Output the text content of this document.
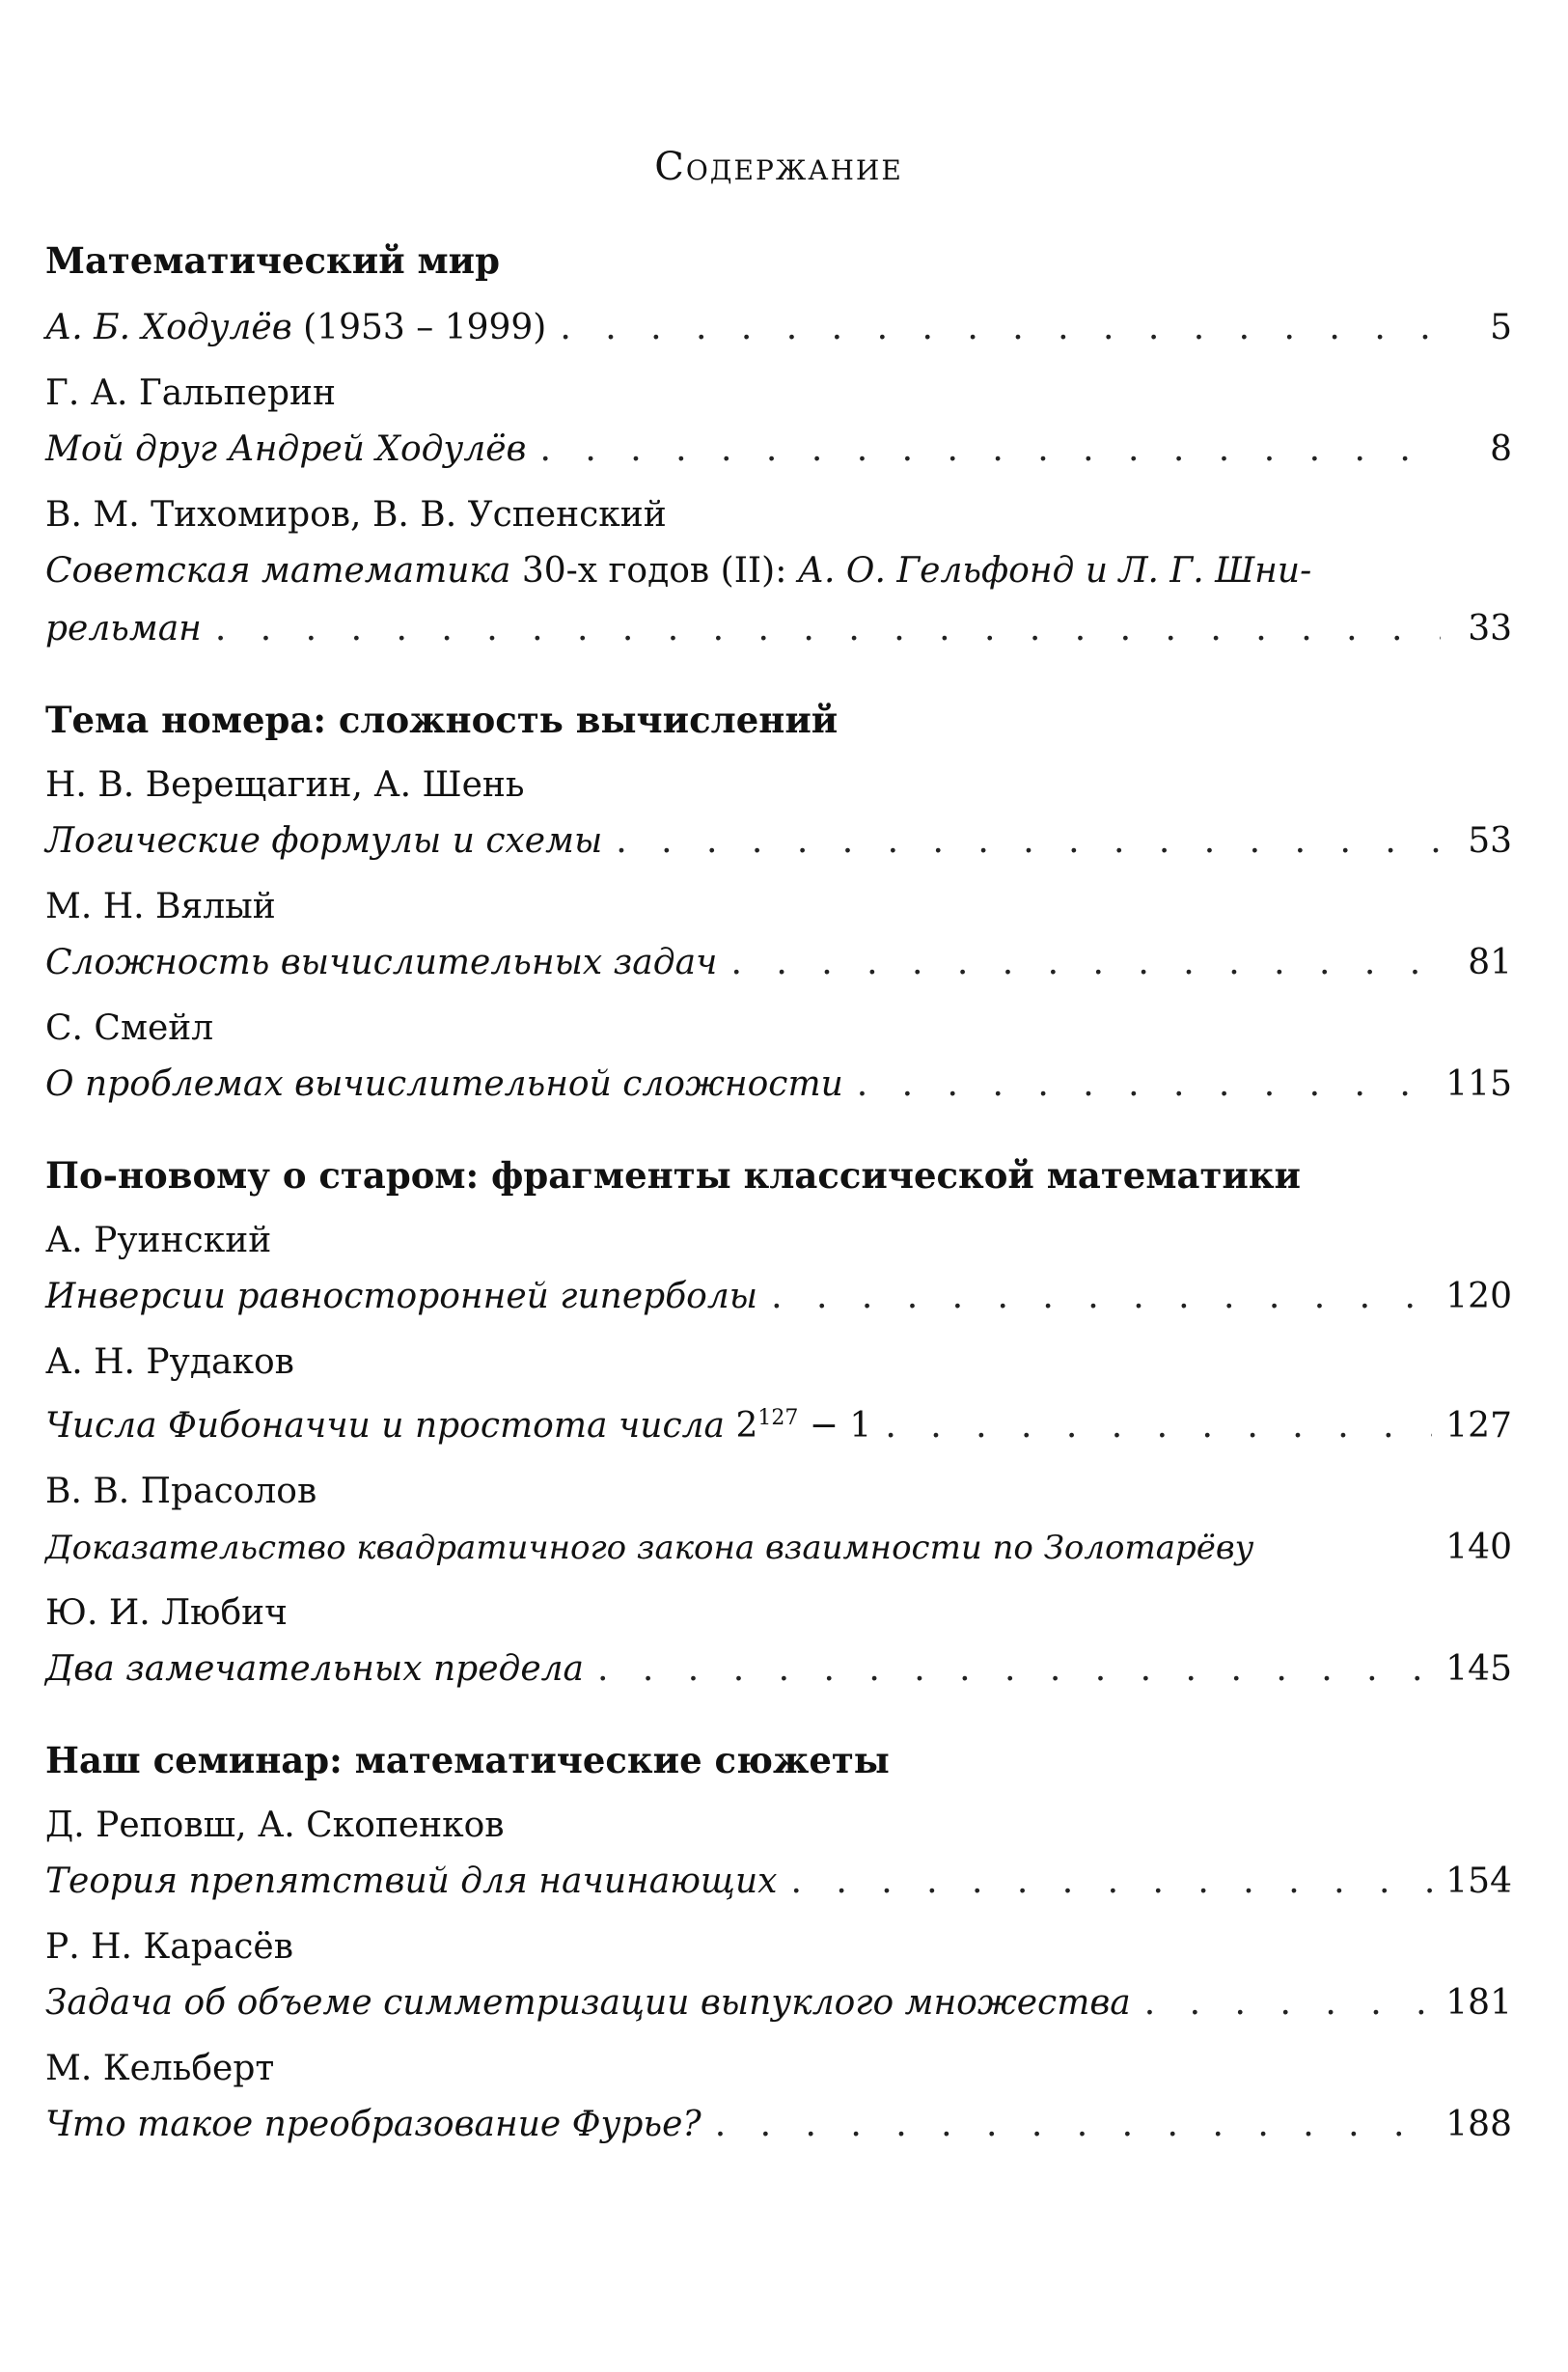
Содержание
Математический мир
А. Б. Ходулёв (1953 – 1999) . . .	5
Г. А. Гальперин
Мой друг Андрей Ходулёв . . .	8
В. М. Тихомиров, В. В. Успенский
Советская математика 30-х годов (II): А. О. Гельфонд и Л. Г. Шни-
рельман . . .	33
Тема номера: сложность вычислений
Н. В. Верещагин, А. Шень
Логические формулы и схемы . . .	53
М. Н. Вялый
Сложность вычислительных задач . . .	81
С. Смейл
О проблемах вычислительной сложности . . .	115
По-новому о старом: фрагменты классической математики
А. Руинский
Инверсии равносторонней гиперболы . . .	120
А. Н. Рудаков
Числа Фибоначчи и простота числа $2^{127} - 1$ . . .	127
В. В. Прасолов
Доказательство квадратичного закона взаимности по Золотарёву	140
Ю. И. Любич
Два замечательных предела . . .	145
Наш семинар: математические сюжеты
Д. Реповш, А. Скопенков
Теория препятствий для начинающих . . .	154
Р. Н. Карасёв
Задача об объеме симметризации выпуклого множества . . .	181
М. Кельберт
Что такое преобразование Фурье? . . .	188
